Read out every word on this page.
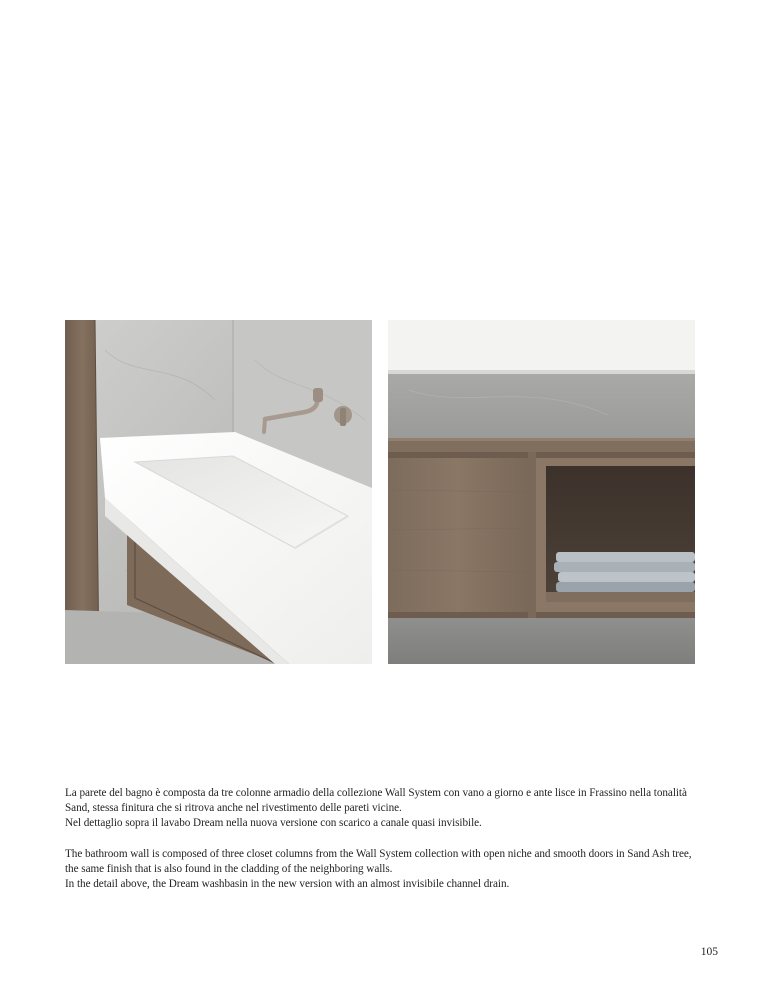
La parete del bagno è composta da tre colonne armadio della collezione Wall System con vano a giorno e ante lisce in Frassino nella tonalità
Sand, stessa finitura che si ritrova anche nel rivestimento delle pareti vicine.
Nel dettaglio sopra il lavabo Dream nella nuova versione con scarico a canale quasi invisibile.

The bathroom wall is composed of three closet columns from the Wall System collection with open niche and smooth doors in Sand Ash tree,
the same finish that is also found in the cladding of the neighboring walls.
In the detail above, the Dream washbasin in the new version with an almost invisibile channel drain.

105
